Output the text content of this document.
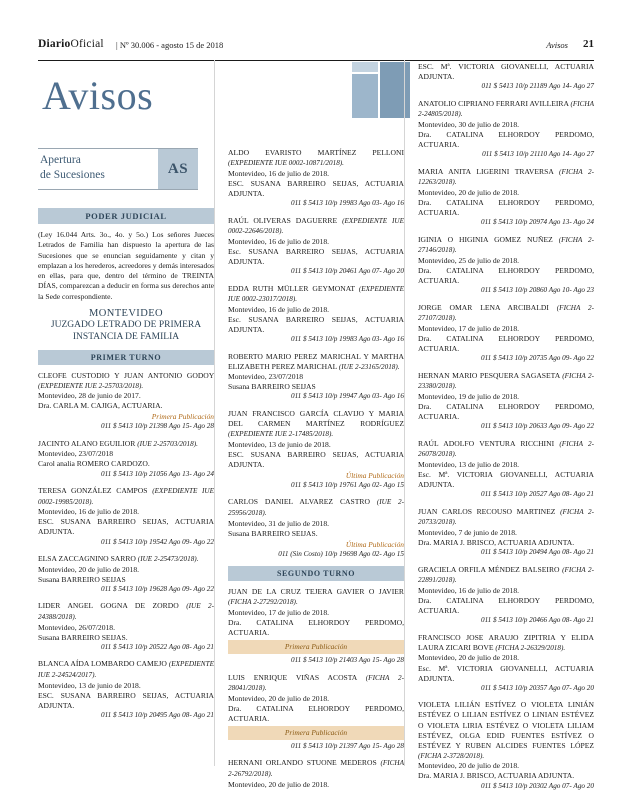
DiarioOficial | Nº 30.006 - agosto 15 de 2018	Avisos 21
Avisos
Apertura
de Sucesiones	AS
PODER JUDICIAL

(Ley 16.044 Arts. 3o., 4o. y 5o.) Los señores Jueces Letrados de Familia han dispuesto la apertura de las Sucesiones que se enuncian seguidamente y citan y emplazan a los herederos, acreedores y demás interesados en ellas, para que, dentro del término de TREINTA DÍAS, comparezcan a deducir en forma sus derechos ante la Sede correspondiente.

MONTEVIDEO
JUZGADO LETRADO DE PRIMERA
INSTANCIA DE FAMILIA
PRIMER TURNO
CLEOFE CUSTODIO Y JUAN ANTONIO GODOY (EXPEDIENTE IUE 2-25703/2018).
Montevideo, 28 de junio de 2017.
Dra. CARLA M. CAJIGA, ACTUARIA.
Primera Publicación
011 $ 5413 10/p 21398 Ago 15- Ago 28
JACINTO ALANO EGUILIOR (IUE 2-25703/2018).
Montevideo, 23/07/2018
Carol analia ROMERO CARDOZO.
011 $ 5413 10/p 21056 Ago 13- Ago 24
TERESA GONZÁLEZ CAMPOS (EXPEDIENTE IUE 0002-19985/2018).
Montevideo, 16 de julio de 2018.
ESC. SUSANA BARREIRO SEIJAS, ACTUARIA ADJUNTA.
011 $ 5413 10/p 19542 Ago 09- Ago 22
ELSA ZACCAGNINO SARRO (IUE 2-25473/2018).
Montevideo, 20 de julio de 2018.
Susana BARREIRO SEIJAS
011 $ 5413 10/p 19628 Ago 09- Ago 22
LIDER ANGEL GOGNA DE ZORDO (IUE 2-24388/2018).
Montevideo, 26/07/2018.
Susana BARREIRO SEIJAS.
011 $ 5413 10/p 20522 Ago 08- Ago 21
BLANCA AÍDA LOMBARDO CAMEJO (EXPEDIENTE IUE 2-24524/2017).
Montevideo, 13 de junio de 2018.
ESC. SUSANA BARREIRO SEIJAS, ACTUARIA ADJUNTA.
011 $ 5413 10/p 20495 Ago 08- Ago 21
ALDO EVARISTO MARTÍNEZ PELLONI (EXPEDIENTE IUE 0002-10871/2018).
Montevideo, 16 de julio de 2018.
ESC. SUSANA BARREIRO SEIJAS, ACTUARIA ADJUNTA.
011 $ 5413 10/p 19983 Ago 03- Ago 16
RAÚL OLIVERAS DAGUERRE (EXPEDIENTE IUE 0002-22646/2018).
Montevideo, 16 de julio de 2018.
Esc. SUSANA BARREIRO SEIJAS, ACTUARIA ADJUNTA.
011 $ 5413 10/p 20461 Ago 07- Ago 20
EDDA RUTH MÜLLER GEYMONAT (EXPEDIENTE IUE 0002-23017/2018).
Montevideo, 16 de julio de 2018.
Esc. SUSANA BARREIRO SEIJAS, ACTUARIA ADJUNTA.
011 $ 5413 10/p 19983 Ago 03- Ago 16
ROBERTO MARIO PEREZ MARICHAL Y MARTHA ELIZABETH PEREZ MARICHAL (IUE 2-23165/2018).
Montevideo, 23/07/2018
Susana BARREIRO SEIJAS
011 $ 5413 10/p 19947 Ago 03- Ago 16
JUAN FRANCISCO GARCÍA CLAVIJO Y MARIA DEL CARMEN MARTÍNEZ RODRÍGUEZ (EXPEDIENTE IUE 2-17485/2018).
Montevideo, 13 de junio de 2018.
ESC. SUSANA BARREIRO SEIJAS, ACTUARIA ADJUNTA.
Última Publicación
011 $ 5413 10/p 19761 Ago 02- Ago 15
CARLOS DANIEL ALVAREZ CASTRO (IUE 2-25956/2018).
Montevideo, 31 de julio de 2018.
Susana BARREIRO SEIJAS.
Última Publicación
011 (Sin Costo) 10/p 19698 Ago 02- Ago 15
SEGUNDO TURNO
JUAN DE LA CRUZ TEJERA GAVIER O JAVIER (FICHA 2-27292/2018).
Montevideo, 17 de julio de 2018.
Dra. CATALINA ELHORDOY PERDOMO, ACTUARIA.
Primera Publicación
011 $ 5413 10/p 21403 Ago 15- Ago 28
LUIS ENRIQUE VIÑAS ACOSTA (FICHA 2-28041/2018).
Montevideo, 20 de julio de 2018.
Dra. CATALINA ELHORDOY PERDOMO, ACTUARIA.
Primera Publicación
011 $ 5413 10/p 21397 Ago 15- Ago 28
HERNANI ORLANDO STUONE MEDEROS (FICHA 2-26792/2018).
Montevideo, 20 de julio de 2018.
ESC. Mª. VICTORIA GIOVANELLI, ACTUARIA ADJUNTA.
011 $ 5413 10/p 21189 Ago 14- Ago 27
ANATOLIO CIPRIANO FERRARI AVILLEIRA (FICHA 2-24805/2018).
Montevideo, 30 de julio de 2018.
Dra. CATALINA ELHORDOY PERDOMO, ACTUARIA.
011 $ 5413 10/p 21110 Ago 14- Ago 27
MARIA ANITA LIGERINI TRAVERSA (FICHA 2-12263/2018).
Montevideo, 20 de julio de 2018.
Dra. CATALINA ELHORDOY PERDOMO, ACTUARIA.
011 $ 5413 10/p 20974 Ago 13- Ago 24
IGINIA O HIGINIA GOMEZ NUÑEZ (FICHA 2-27146/2018).
Montevideo, 25 de julio de 2018.
Dra. CATALINA ELHORDOY PERDOMO, ACTUARIA.
011 $ 5413 10/p 20860 Ago 10- Ago 23
JORGE OMAR LENA ARCIBALDI (FICHA 2-27107/2018).
Montevideo, 17 de julio de 2018.
Dra. CATALINA ELHORDOY PERDOMO, ACTUARIA.
011 $ 5413 10/p 20735 Ago 09- Ago 22
HERNAN MARIO PESQUERA SAGASETA (FICHA 2-23380/2018).
Montevideo, 19 de julio de 2018.
Dra. CATALINA ELHORDOY PERDOMO, ACTUARIA.
011 $ 5413 10/p 20633 Ago 09- Ago 22
RAÚL ADOLFO VENTURA RICCHINI (FICHA 2-26078/2018).
Montevideo, 13 de julio de 2018.
Esc. Mª. VICTORIA GIOVANELLI, ACTUARIA ADJUNTA.
011 $ 5413 10/p 20527 Ago 08- Ago 21
JUAN CARLOS RECOUSO MARTINEZ (FICHA 2-20733/2018).
Montevideo, 7 de junio de 2018.
Dra. MARIA J. BRISCO, ACTUARIA ADJUNTA.
011 $ 5413 10/p 20494 Ago 08- Ago 21
GRACIELA ORFILA MÉNDEZ BALSEIRO (FICHA 2-22891/2018).
Montevideo, 16 de julio de 2018.
Dra. CATALINA ELHORDOY PERDOMO, ACTUARIA.
011 $ 5413 10/p 20466 Ago 08- Ago 21
FRANCISCO JOSE ARAUJO ZIPITRIA Y ELIDA LAURA ZICARI BOVE (FICHA 2-26329/2018).
Montevideo, 20 de julio de 2018.
Esc. Mª. VICTORIA GIOVANELLI, ACTUARIA ADJUNTA.
011 $ 5413 10/p 20357 Ago 07- Ago 20
VIOLETA LILIÁN ESTÍVEZ O VIOLETA LINIÁN ESTÉVEZ O LILIAN ESTÍVEZ O LINIAN ESTÉVEZ O VIOLETA LIRIA ESTÉVEZ O VIOLETA LILIAM ESTÉVEZ, OLGA EDID FUENTES ESTÍVEZ O ESTÉVEZ Y RUBEN ALCIDES FUENTES LÓPEZ (FICHA 2-3728/2018).
Montevideo, 20 de julio de 2018.
Dra. MARIA J. BRISCO, ACTUARIA ADJUNTA.
011 $ 5413 10/p 20302 Ago 07- Ago 20
